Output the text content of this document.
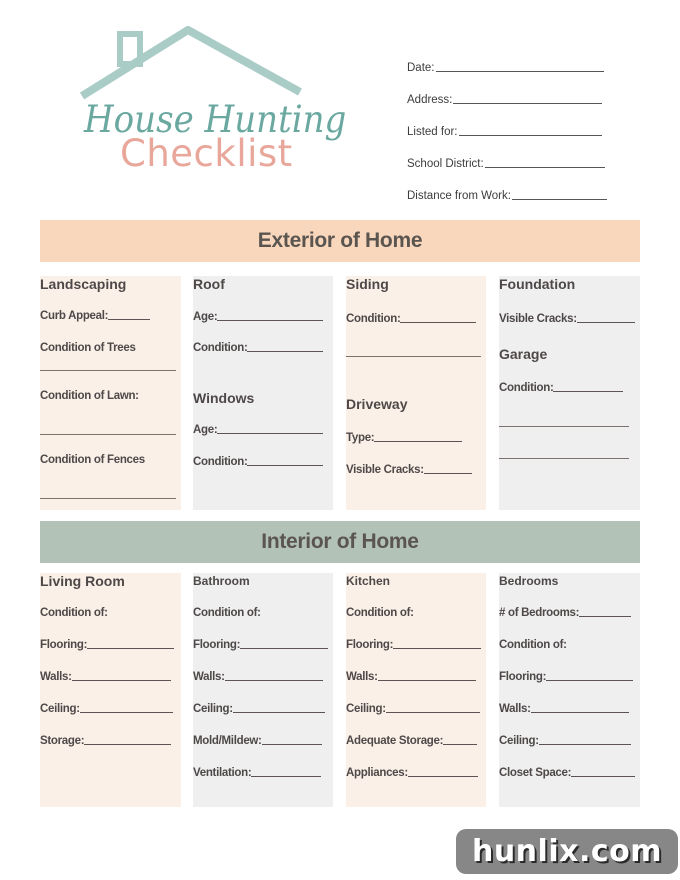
House Hunting
Checklist
Date:
Address:
Listed for:
School District:
Distance from Work:
Exterior of Home
Landscaping
Curb Appeal:
Condition of Trees
Condition of Lawn:
Condition of Fences
Roof
Age:
Condition:
Windows
Age:
Condition:
Siding
Condition:
Driveway
Type:
Visible Cracks:
Foundation
Visible Cracks:
Garage
Condition:
Interior of Home
Living Room
Condition of:
Flooring:
Walls:
Ceiling:
Storage:
Bathroom
Condition of:
Flooring:
Walls:
Ceiling:
Mold/Mildew:
Ventilation:
Kitchen
Condition of:
Flooring:
Walls:
Ceiling:
Adequate Storage:
Appliances:
Bedrooms
# of Bedrooms:
Condition of:
Flooring:
Walls:
Ceiling:
Closet Space:
hunlix.com
